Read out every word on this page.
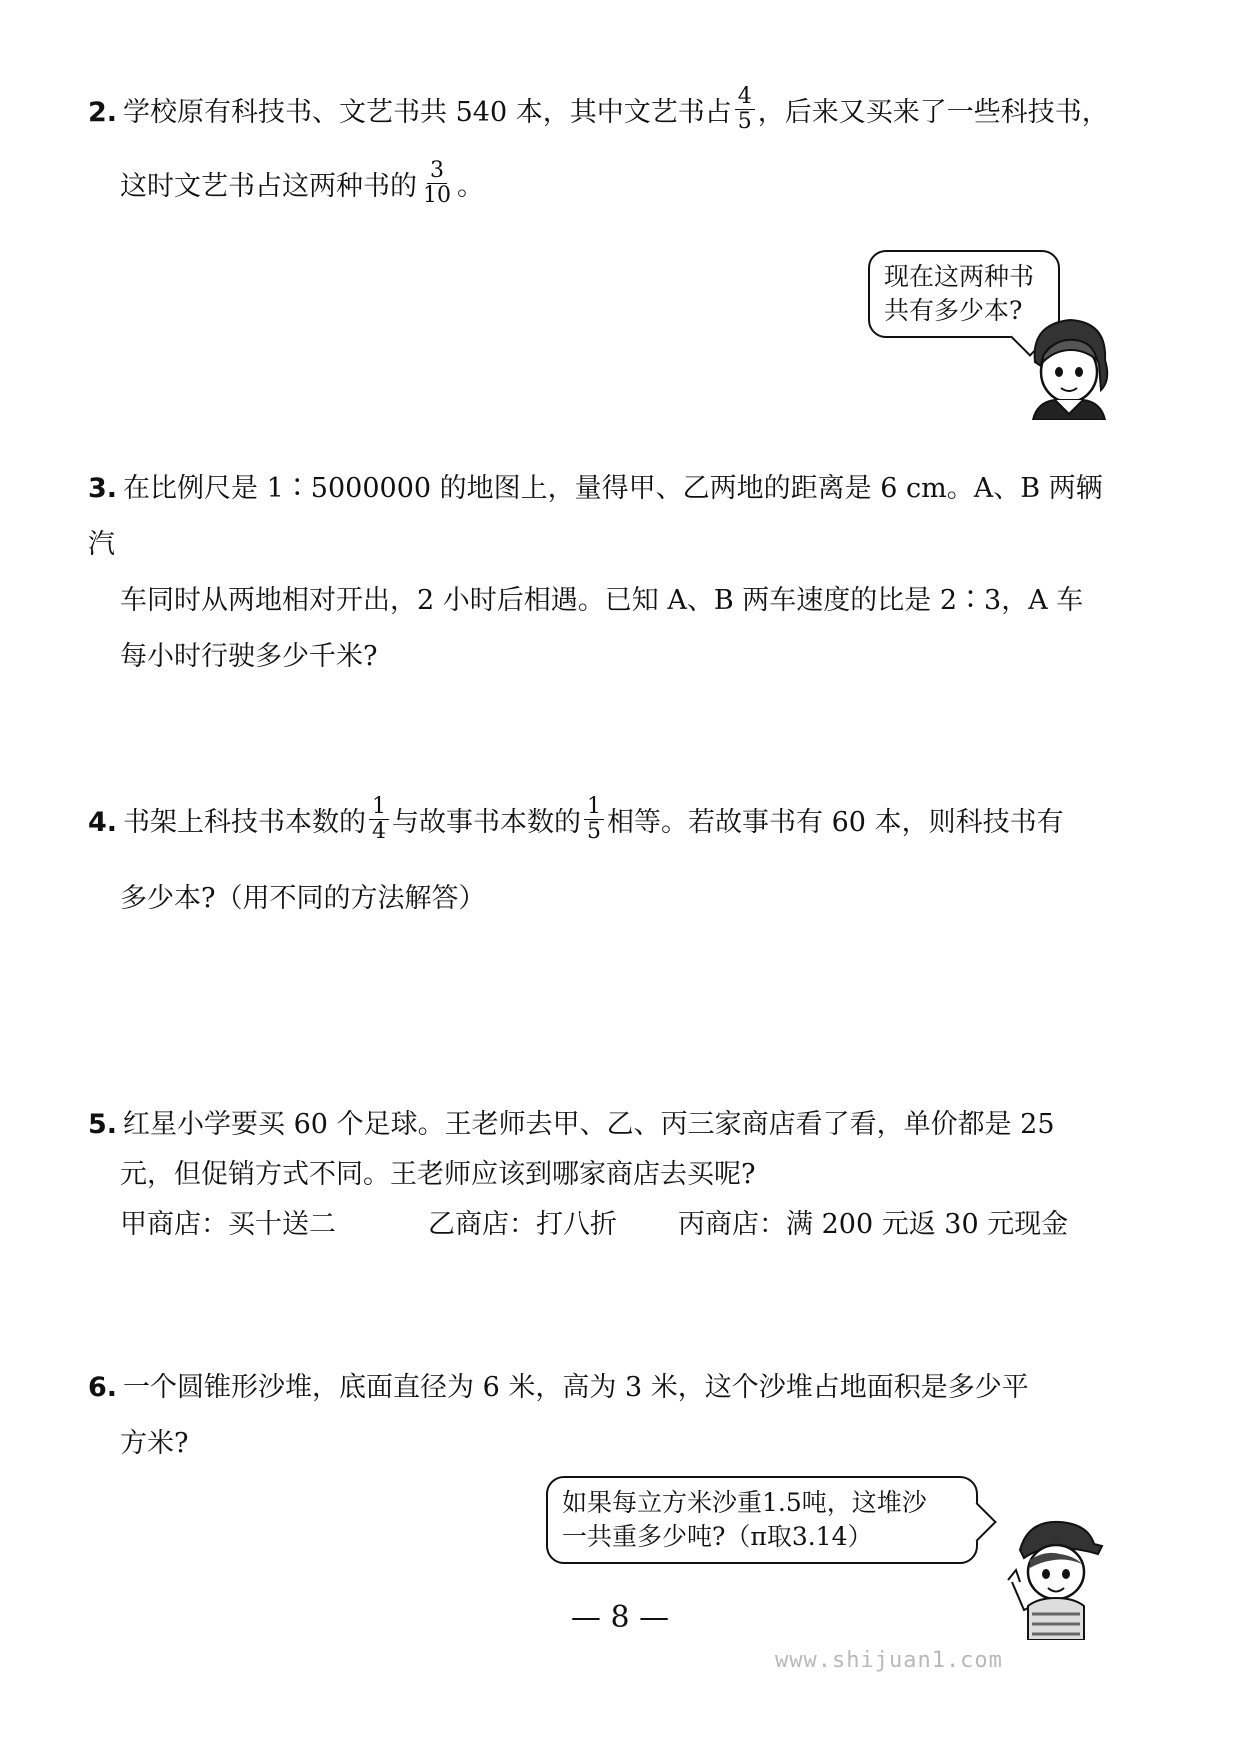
2. 学校原有科技书、文艺书共 540 本，其中文艺书占 $\frac{4}{5}$ ，后来又买来了一些科技书，
这时文艺书占这两种书的 $\frac{3}{10}$ 。
现在这两种书
共有多少本?
3. 在比例尺是 1∶5000000 的地图上，量得甲、乙两地的距离是 6 cm。A、B 两辆汽
车同时从两地相对开出，2 小时后相遇。已知 A、B 两车速度的比是 2∶3，A 车
每小时行驶多少千米?
4. 书架上科技书本数的 $\frac{1}{4}$ 与故事书本数的 $\frac{1}{5}$ 相等。若故事书有 60 本，则科技书有
多少本?（用不同的方法解答）
5. 红星小学要买 60 个足球。王老师去甲、乙、丙三家商店看了看，单价都是 25
元，但促销方式不同。王老师应该到哪家商店去买呢?
甲商店：买十送二	乙商店：打八折 丙商店：满 200 元返 30 元现金
6. 一个圆锥形沙堆，底面直径为 6 米，高为 3 米，这个沙堆占地面积是多少平
方米?
如果每立方米沙重1.5吨，这堆沙
一共重多少吨?（π取3.14）
— 8 —
www.shijuan1.com
